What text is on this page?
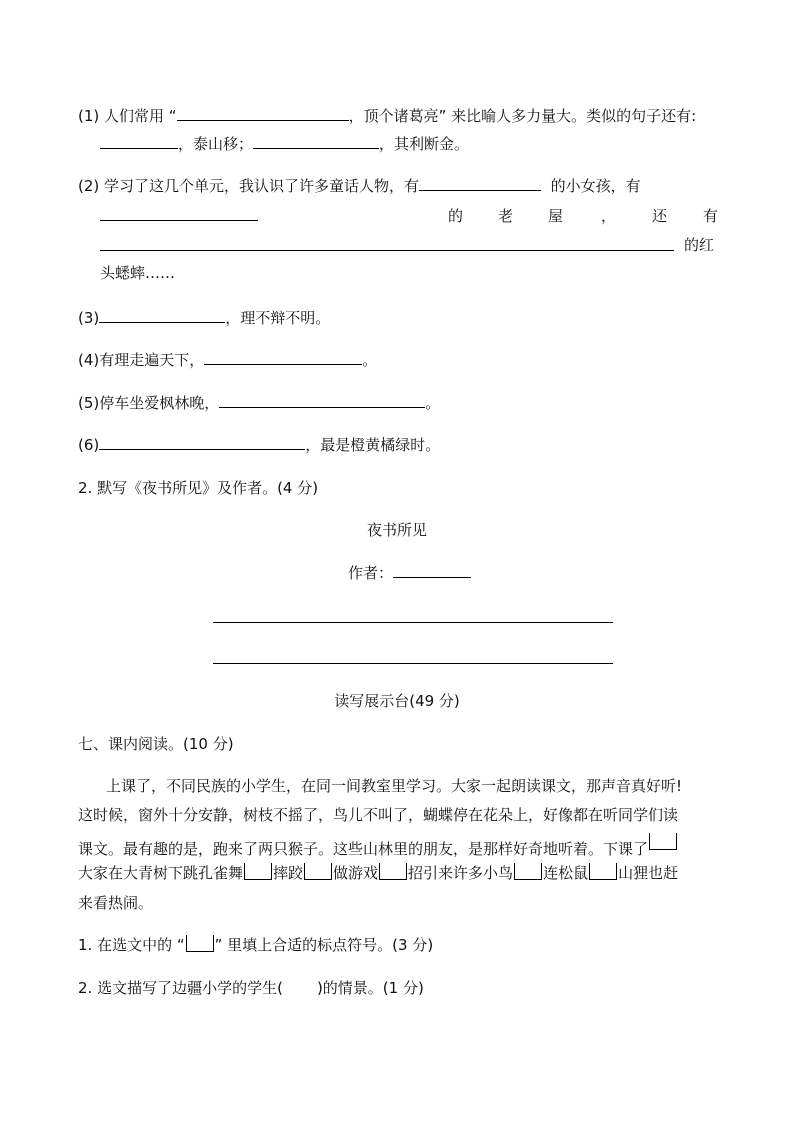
(1) 人们常用 “	，顶个诸葛亮” 来比喻人多力量大。类似的句子还有:
，泰山移；	，其利断金。
(2) 学习了这几个单元，我认识了许多童话人物，有	的小女孩，有
的 老 屋	， 还 有
的红
头蟋蟀……
(3)	，理不辩不明。
(4)有理走遍天下，	。
(5)停车坐爱枫林晚，	。
(6)	，最是橙黄橘绿时。
2. 默写《夜书所见》及作者。(4 分)
夜书所见
作者：
读写展示台(49 分)
七、课内阅读。(10 分)
上课了，不同民族的小学生，在同一间教室里学习。大家一起朗读课文，那声音真好听!
这时候，窗外十分安静，树枝不摇了，鸟儿不叫了，蝴蝶停在花朵上，好像都在听同学们读
课文。最有趣的是，跑来了两只猴子。这些山林里的朋友，是那样好奇地听着。下课了
大家在大青树下跳孔雀舞 摔跤 做游戏 招引来许多小鸟 连松鼠 山狸也赶
来看热闹。
1. 在选文中的 “ ” 里填上合适的标点符号。(3 分)
2. 选文描写了边疆小学的学生( )的情景。(1 分)
